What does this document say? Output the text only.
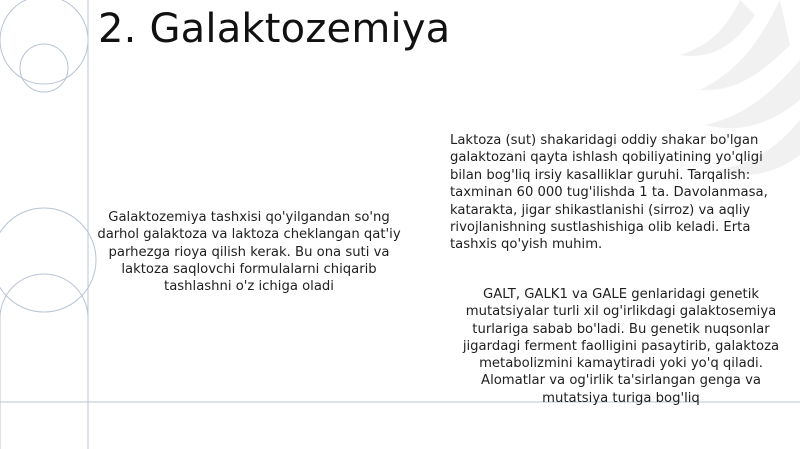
2. Galaktozemiya
Galaktozemiya tashxisi qo'yilgandan so'ng darhol galaktoza va laktoza cheklangan qat'iy parhezga rioya qilish kerak. Bu ona suti va laktoza saqlovchi formulalarni chiqarib tashlashni o'z ichiga oladi
Laktoza (sut) shakaridagi oddiy shakar bo'lgan galaktozani qayta ishlash qobiliyatining yo'qligi bilan bog'liq irsiy kasalliklar guruhi. Tarqalish: taxminan 60 000 tug'ilishda 1 ta. Davolanmasa, katarakta, jigar shikastlanishi (sirroz) va aqliy rivojlanishning sustlashishiga olib keladi. Erta tashxis qo'yish muhim.
GALT, GALK1 va GALE genlaridagi genetik mutatsiyalar turli xil og'irlikdagi galaktosemiya turlariga sabab bo'ladi. Bu genetik nuqsonlar jigardagi ferment faolligini pasaytirib, galaktoza metabolizmini kamaytiradi yoki yo'q qiladi. Alomatlar va og'irlik ta'sirlangan genga va mutatsiya turiga bog'liq
